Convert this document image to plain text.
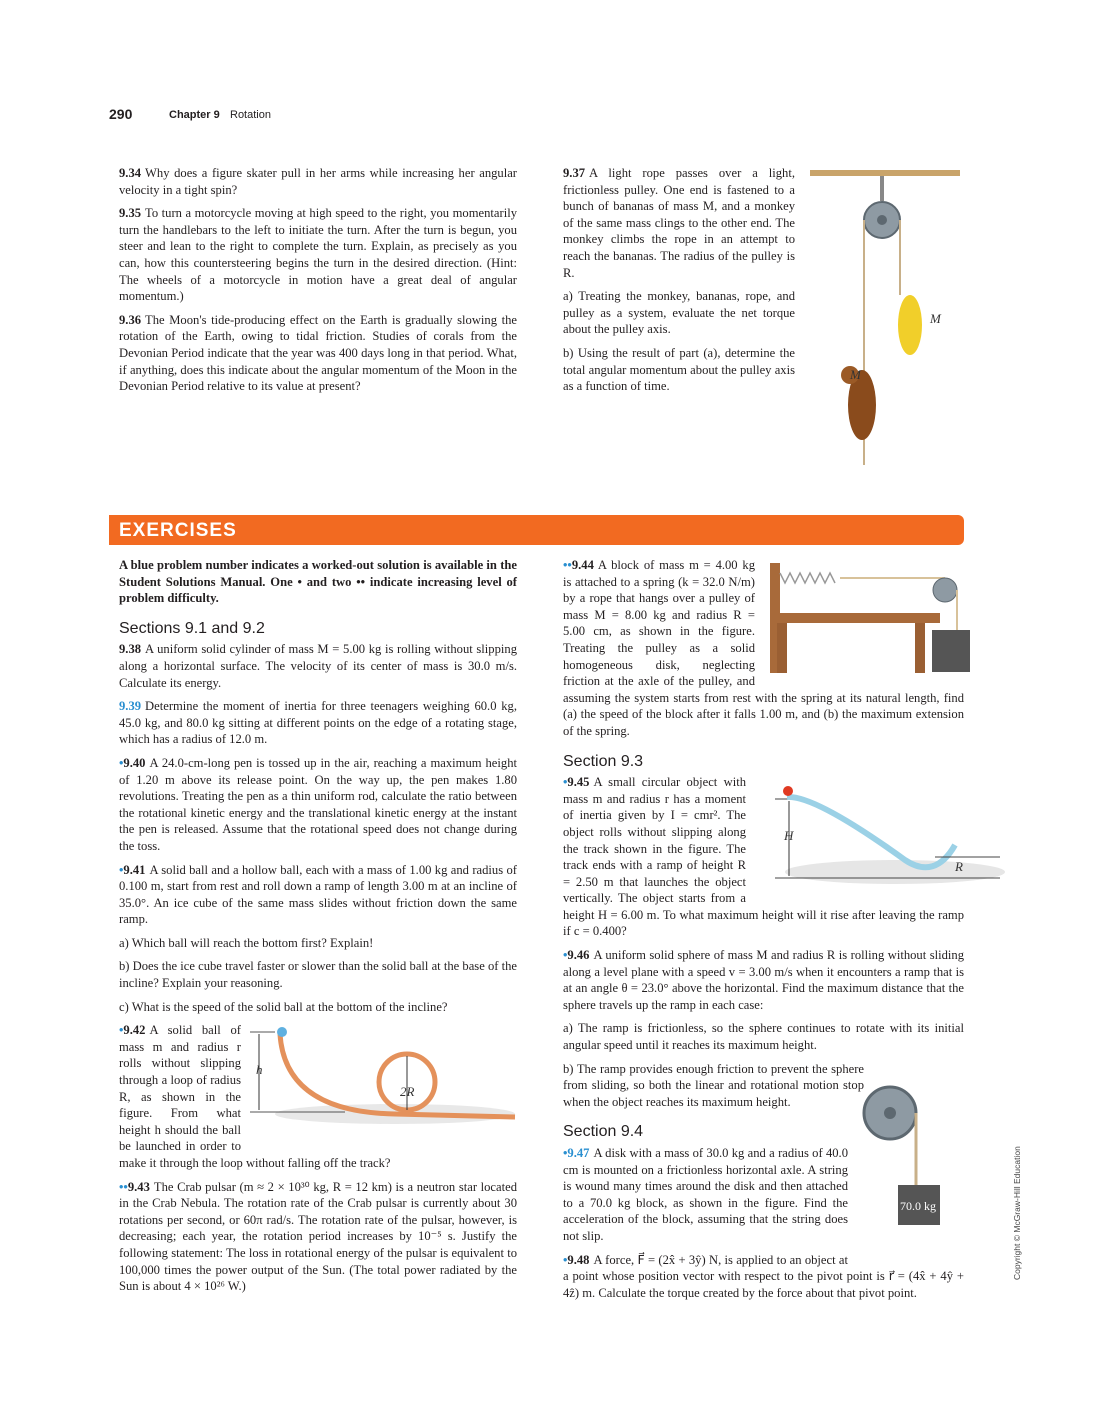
290	Chapter 9 Rotation

9.34 Why does a figure skater pull in her arms while increasing her angular velocity in a tight spin?

9.35 To turn a motorcycle moving at high speed to the right, you momentarily turn the handlebars to the left to initiate the turn. After the turn is begun, you steer and lean to the right to complete the turn. Explain, as precisely as you can, how this countersteering begins the turn in the desired direction. (Hint: The wheels of a motorcycle in motion have a great deal of angular momentum.)

9.36 The Moon's tide-producing effect on the Earth is gradually slowing the rotation of the Earth, owing to tidal friction. Studies of corals from the Devonian Period indicate that the year was 400 days long in that period. What, if anything, does this indicate about the angular momentum of the Moon in the Devonian Period relative to its value at present?

9.37 A light rope passes over a light, frictionless pulley. One end is fastened to a bunch of bananas of mass M, and a monkey of the same mass clings to the other end. The monkey climbs the rope in an attempt to reach the bananas. The radius of the pulley is R.

a) Treating the monkey, bananas, rope, and pulley as a system, evaluate the net torque about the pulley axis.

b) Using the result of part (a), determine the total angular momentum about the pulley axis as a function of time.

M
M
EXERCISES

A blue problem number indicates a worked-out solution is available in the Student Solutions Manual. One • and two •• indicate increasing level of problem difficulty.

Sections 9.1 and 9.2

9.38 A uniform solid cylinder of mass M = 5.00 kg is rolling without slipping along a horizontal surface. The velocity of its center of mass is 30.0 m/s. Calculate its energy.

9.39 Determine the moment of inertia for three teenagers weighing 60.0 kg, 45.0 kg, and 80.0 kg sitting at different points on the edge of a rotating stage, which has a radius of 12.0 m.

•9.40 A 24.0-cm-long pen is tossed up in the air, reaching a maximum height of 1.20 m above its release point. On the way up, the pen makes 1.80 revolutions. Treating the pen as a thin uniform rod, calculate the ratio between the rotational kinetic energy and the translational kinetic energy at the instant the pen is released. Assume that the rotational speed does not change during the toss.

•9.41 A solid ball and a hollow ball, each with a mass of 1.00 kg and radius of 0.100 m, start from rest and roll down a ramp of length 3.00 m at an incline of 35.0°. An ice cube of the same mass slides without friction down the same ramp.

a) Which ball will reach the bottom first? Explain!

b) Does the ice cube travel faster or slower than the solid ball at the base of the incline? Explain your reasoning.

c) What is the speed of the solid ball at the bottom of the incline?

•9.42 A solid ball of mass m and radius r rolls without slipping through a loop of radius R, as shown in the figure. From what height h should the ball be launched in order to make it through the loop without falling off the track?

••9.43 The Crab pulsar (m ≈ 2 × 10³⁰ kg, R = 12 km) is a neutron star located in the Crab Nebula. The rotation rate of the Crab pulsar is currently about 30 rotations per second, or 60π rad/s. The rotation rate of the pulsar, however, is decreasing; each year, the rotation period increases by 10⁻⁵ s. Justify the following statement: The loss in rotational energy of the pulsar is equivalent to 100,000 times the power output of the Sun. (The total power radiated by the Sun is about 4 × 10²⁶ W.)

h
2R

••9.44 A block of mass m = 4.00 kg is attached to a spring (k = 32.0 N/m) by a rope that hangs over a pulley of mass M = 8.00 kg and radius R = 5.00 cm, as shown in the figure. Treating the pulley as a solid homogeneous disk, neglecting friction at the axle of the pulley, and assuming the system starts from rest with the spring at its natural length, find (a) the speed of the block after it falls 1.00 m, and (b) the maximum extension of the spring.

Section 9.3

•9.45 A small circular object with mass m and radius r has a moment of inertia given by I = cmr². The object rolls without slipping along the track shown in the figure. The track ends with a ramp of height R = 2.50 m that launches the object vertically. The object starts from a height H = 6.00 m. To what maximum height will it rise after leaving the ramp if c = 0.400?

•9.46 A uniform solid sphere of mass M and radius R is rolling without sliding along a level plane with a speed v = 3.00 m/s when it encounters a ramp that is at an angle θ = 23.0° above the horizontal. Find the maximum distance that the sphere travels up the ramp in each case:

a) The ramp is frictionless, so the sphere continues to rotate with its initial angular speed until it reaches its maximum height.

b) The ramp provides enough friction to prevent the sphere from sliding, so both the linear and rotational motion stop when the object reaches its maximum height.

Section 9.4

•9.47 A disk with a mass of 30.0 kg and a radius of 40.0 cm is mounted on a frictionless horizontal axle. A string is wound many times around the disk and then attached to a 70.0 kg block, as shown in the figure. Find the acceleration of the block, assuming that the string does not slip.

•9.48 A force, F⃗ = (2x̂ + 3ŷ) N, is applied to an object at a point whose position vector with respect to the pivot point is r⃗ = (4x̂ + 4ŷ + 4ẑ) m. Calculate the torque created by the force about that pivot point.

H
R
70.0 kg	Copyright © McGraw-Hill Education
